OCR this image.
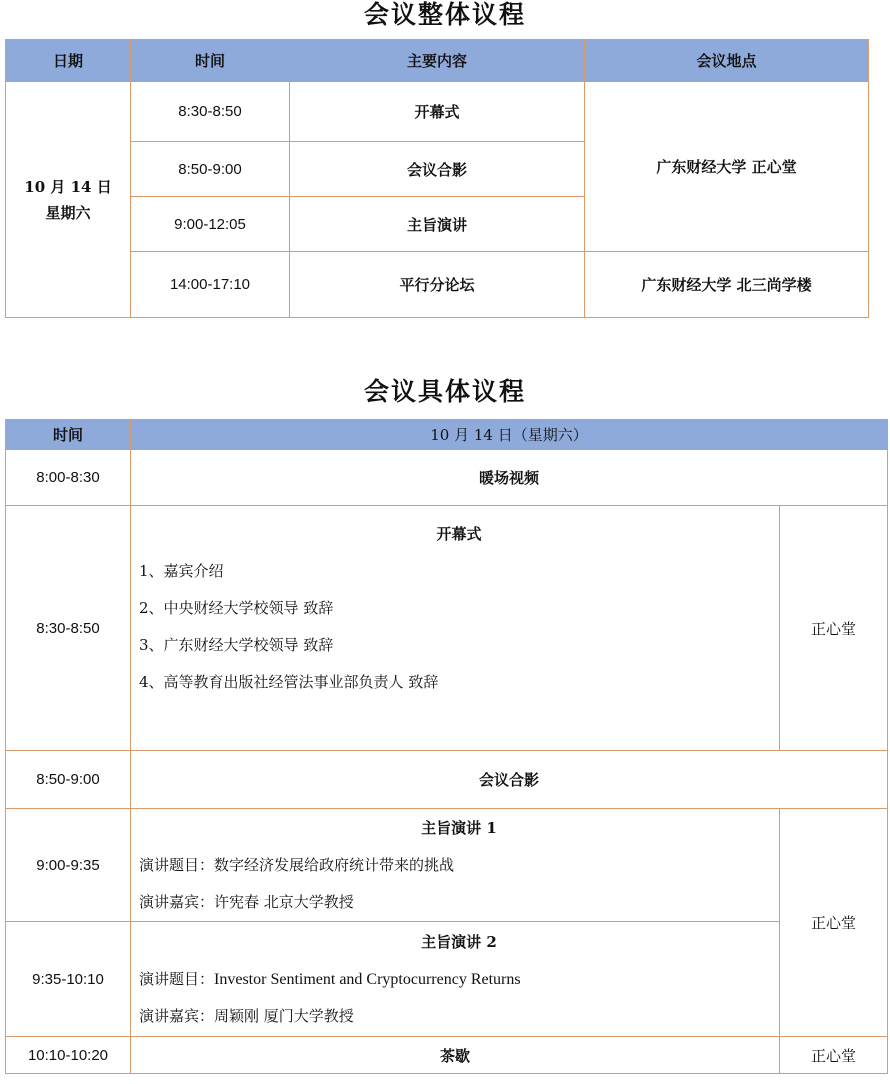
会议整体议程
日期	时间	主要内容	会议地点

10 月 14 日
星期六	8:30-8:50	开幕式	广东财经大学 正心堂
	8:50-9:00	会议合影	
	9:00-12:05	主旨演讲	
	14:00-17:10	平行分论坛	广东财经大学 北三尚学楼
会议具体议程
时间	10 月 14 日（星期六）	
8:00-8:30	暖场视频	
8:30-8:50	开幕式
1、嘉宾介绍
2、中央财经大学校领导 致辞
3、广东财经大学校领导 致辞
4、高等教育出版社经管法事业部负责人 致辞	正心堂
8:50-9:00	会议合影	
9:00-9:35	主旨演讲 1
演讲题目：数字经济发展给政府统计带来的挑战
演讲嘉宾：许宪春 北京大学教授	正心堂
9:35-10:10	主旨演讲 2
演讲题目：Investor Sentiment and Cryptocurrency Returns
演讲嘉宾：周颖刚 厦门大学教授	

10:10-10:20	茶歇	正心堂
